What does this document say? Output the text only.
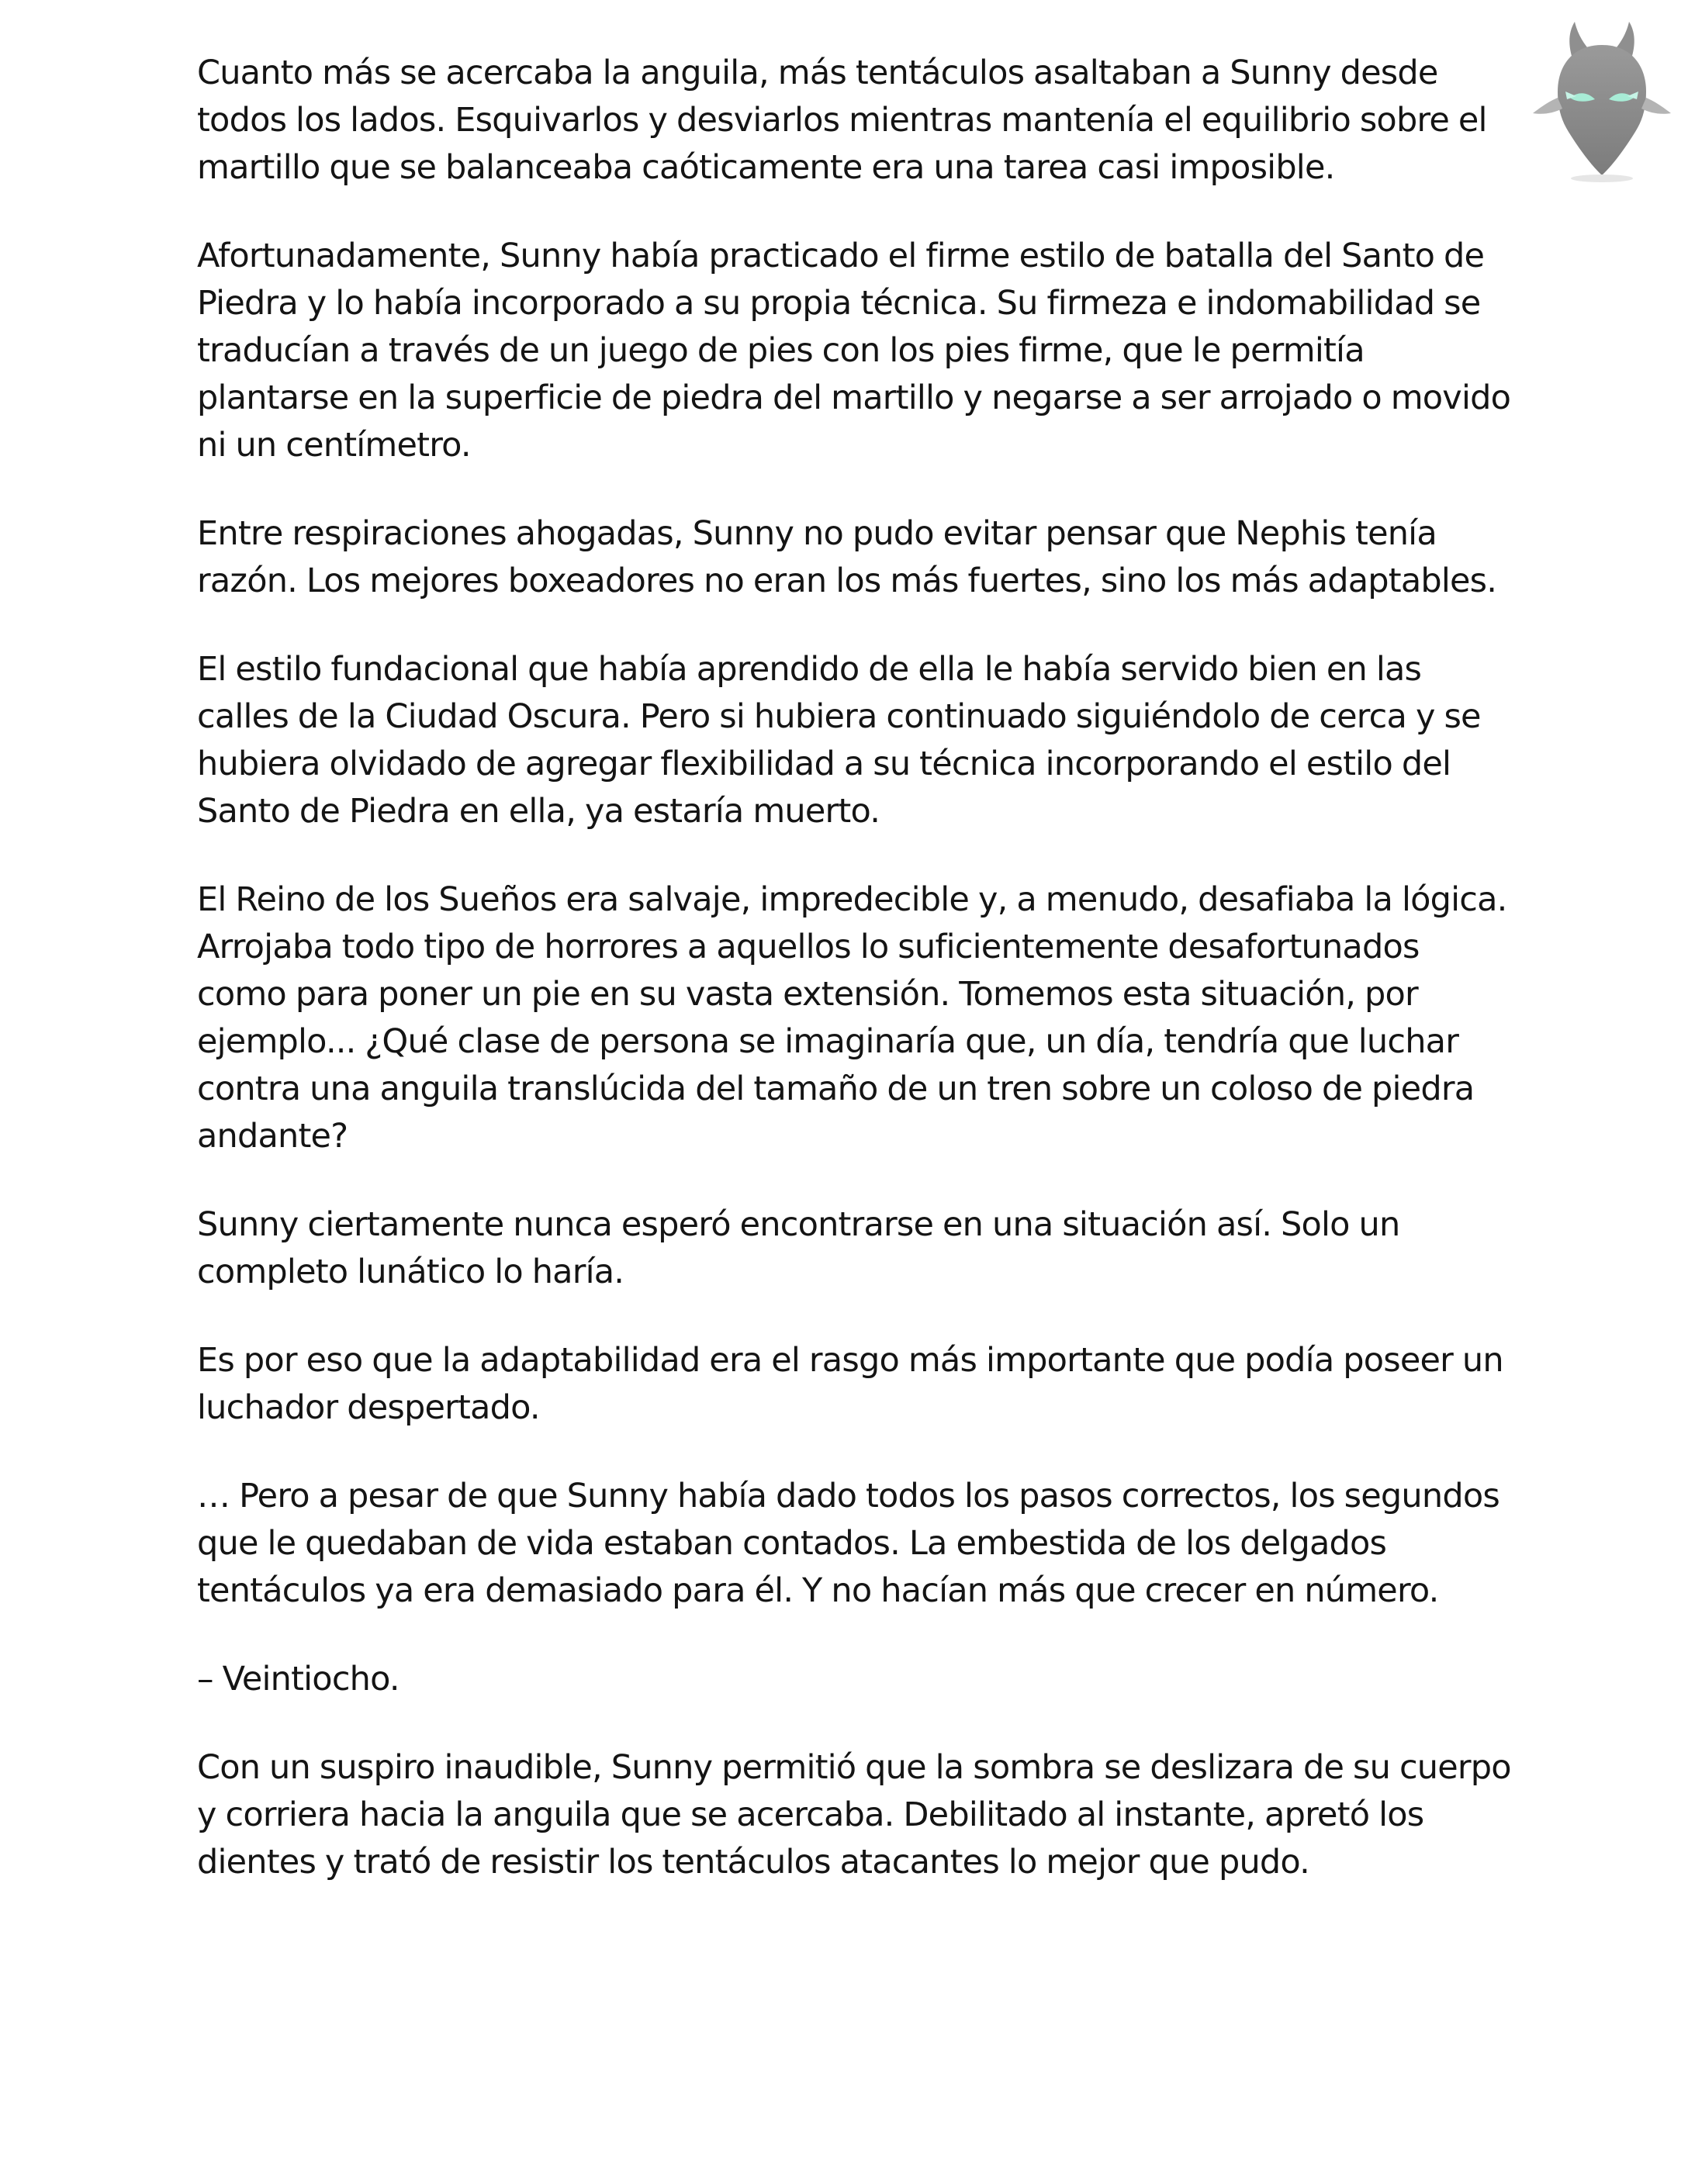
Cuanto más se acercaba la anguila, más tentáculos asaltaban a Sunny desde todos los lados. Esquivarlos y desviarlos mientras mantenía el equilibrio sobre el martillo que se balanceaba caóticamente era una tarea casi imposible.

Afortunadamente, Sunny había practicado el firme estilo de batalla del Santo de Piedra y lo había incorporado a su propia técnica. Su firmeza e indomabilidad se traducían a través de un juego de pies con los pies firme, que le permitía plantarse en la superficie de piedra del martillo y negarse a ser arrojado o movido ni un centímetro.

Entre respiraciones ahogadas, Sunny no pudo evitar pensar que Nephis tenía razón. Los mejores boxeadores no eran los más fuertes, sino los más adaptables.

El estilo fundacional que había aprendido de ella le había servido bien en las calles de la Ciudad Oscura. Pero si hubiera continuado siguiéndolo de cerca y se hubiera olvidado de agregar flexibilidad a su técnica incorporando el estilo del Santo de Piedra en ella, ya estaría muerto.

El Reino de los Sueños era salvaje, impredecible y, a menudo, desafiaba la lógica. Arrojaba todo tipo de horrores a aquellos lo suficientemente desafortunados como para poner un pie en su vasta extensión. Tomemos esta situación, por ejemplo... ¿Qué clase de persona se imaginaría que, un día, tendría que luchar contra una anguila translúcida del tamaño de un tren sobre un coloso de piedra andante?

Sunny ciertamente nunca esperó encontrarse en una situación así. Solo un completo lunático lo haría.

Es por eso que la adaptabilidad era el rasgo más importante que podía poseer un luchador despertado.

… Pero a pesar de que Sunny había dado todos los pasos correctos, los segundos que le quedaban de vida estaban contados. La embestida de los delgados tentáculos ya era demasiado para él. Y no hacían más que crecer en número.

– Veintiocho.

Con un suspiro inaudible, Sunny permitió que la sombra se deslizara de su cuerpo y corriera hacia la anguila que se acercaba. Debilitado al instante, apretó los dientes y trató de resistir los tentáculos atacantes lo mejor que pudo.
